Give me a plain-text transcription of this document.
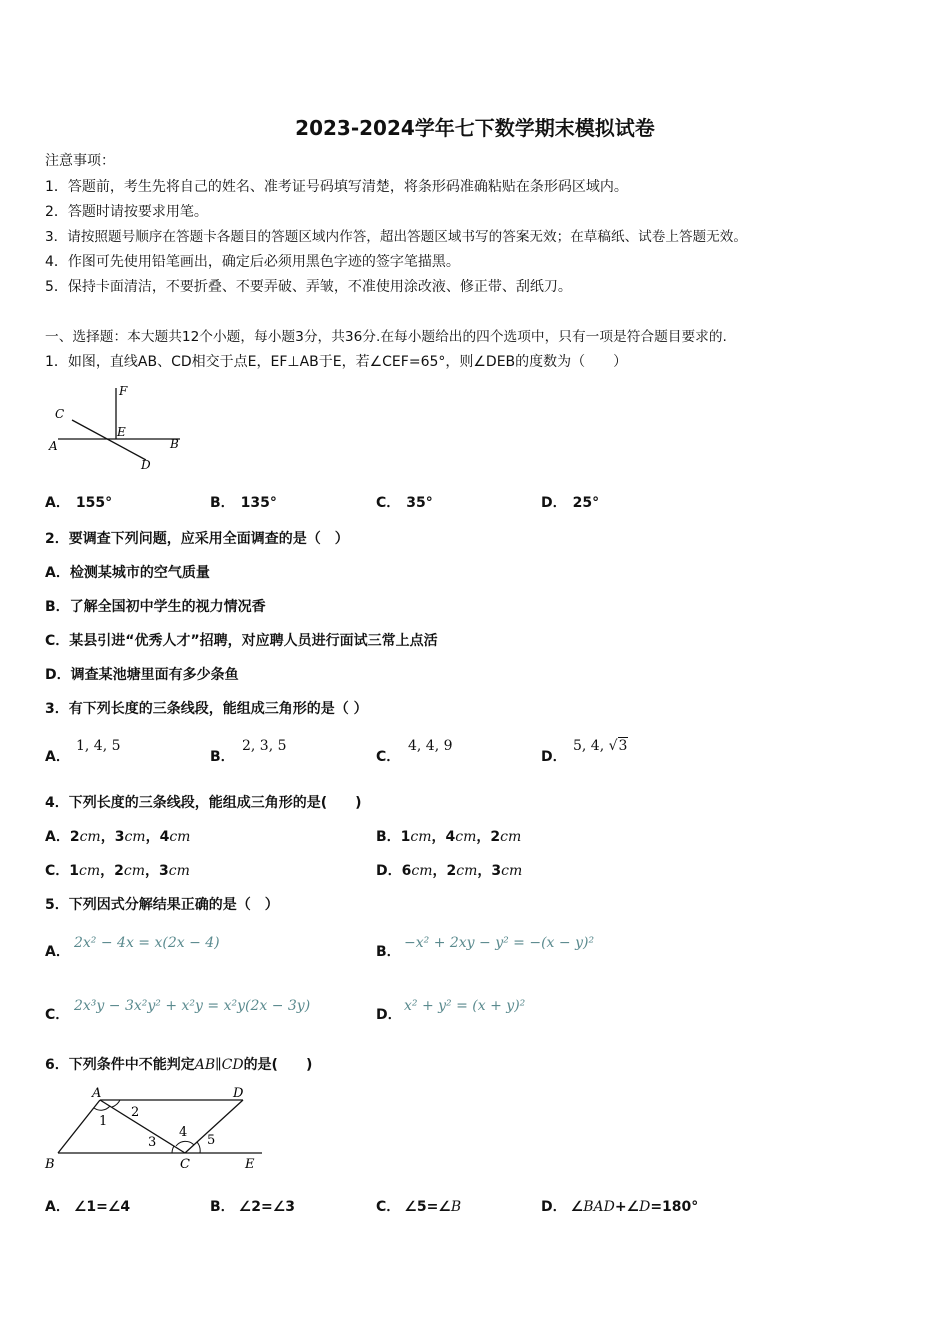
2023-2024学年七下数学期末模拟试卷
注意事项：
1．答题前，考生先将自己的姓名、准考证号码填写清楚，将条形码准确粘贴在条形码区域内。
2．答题时请按要求用笔。
3．请按照题号顺序在答题卡各题目的答题区域内作答，超出答题区域书写的答案无效；在草稿纸、试卷上答题无效。
4．作图可先使用铅笔画出，确定后必须用黑色字迹的签字笔描黑。
5．保持卡面清洁，不要折叠、不要弄破、弄皱，不准使用涂改液、修正带、刮纸刀。
一、选择题：本大题共12个小题，每小题3分，共36分.在每小题给出的四个选项中，只有一项是符合题目要求的.
1．如图，直线AB、CD相交于点E，EF⊥AB于E，若∠CEF=65°，则∠DEB的度数为（　　）
F
C
E
A	B
D
A． 155°	B． 135°	C． 35°	D． 25°
2．要调查下列问题，应采用全面调查的是（　）
A．检测某城市的空气质量
B．了解全国初中学生的视力情况香
C．某县引进“优秀人才”招聘，对应聘人员进行面试三常上点活
D．调查某池塘里面有多少条鱼
3．有下列长度的三条线段，能组成三角形的是（ ）
A．
1, 4, 5
B．
2, 3, 5
C．
4, 4, 9
D．
5, 4, √3
4．下列长度的三条线段，能组成三角形的是(　　)
A．2cm，3cm，4cm	B．1cm，4cm，2cm
C．1cm，2cm，3cm	D．6cm，2cm，3cm
5．下列因式分解结果正确的是（　）
A．
2x² − 4x = x(2x − 4)
B．
−x² + 2xy − y² = −(x − y)²
C．
2x³y − 3x²y² + x²y = x²y(2x − 3y)
D．
x² + y² = (x + y)²
6．下列条件中不能判定AB∥CD的是(　　)
A	D
1
2
3
4
5
B	C	E
A． ∠1=∠4	B． ∠2=∠3	C． ∠5=∠B	D． ∠BAD+∠D=180°
